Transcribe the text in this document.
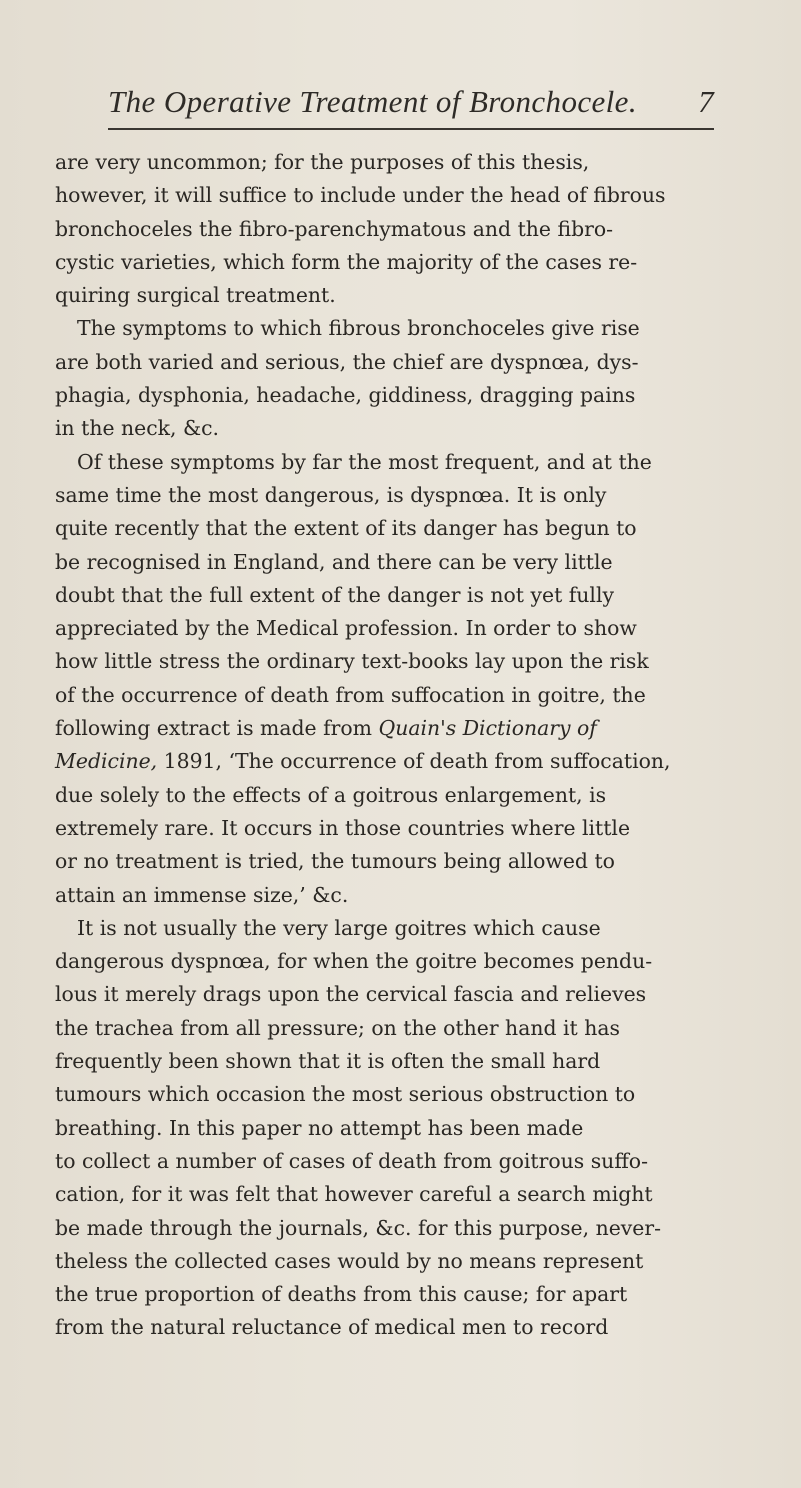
The Operative Treatment of Bronchocele. 7
are very uncommon; for the purposes of this thesis,
however, it will suffice to include under the head of fibrous
bronchoceles the fibro-parenchymatous and the fibro-
cystic varieties, which form the majority of the cases re-
quiring surgical treatment.
The symptoms to which fibrous bronchoceles give rise
are both varied and serious, the chief are dyspnœa, dys-
phagia, dysphonia, headache, giddiness, dragging pains
in the neck, &c.
Of these symptoms by far the most frequent, and at the
same time the most dangerous, is dyspnœa. It is only
quite recently that the extent of its danger has begun to
be recognised in England, and there can be very little
doubt that the full extent of the danger is not yet fully
appreciated by the Medical profession. In order to show
how little stress the ordinary text-books lay upon the risk
of the occurrence of death from suffocation in goitre, the
following extract is made from Quain's Dictionary of
Medicine, 1891, ‘The occurrence of death from suffocation,
due solely to the effects of a goitrous enlargement, is
extremely rare. It occurs in those countries where little
or no treatment is tried, the tumours being allowed to
attain an immense size,’ &c.
It is not usually the very large goitres which cause
dangerous dyspnœa, for when the goitre becomes pendu-
lous it merely drags upon the cervical fascia and relieves
the trachea from all pressure; on the other hand it has
frequently been shown that it is often the small hard
tumours which occasion the most serious obstruction to
breathing. In this paper no attempt has been made
to collect a number of cases of death from goitrous suffo-
cation, for it was felt that however careful a search might
be made through the journals, &c. for this purpose, never-
theless the collected cases would by no means represent
the true proportion of deaths from this cause; for apart
from the natural reluctance of medical men to record
